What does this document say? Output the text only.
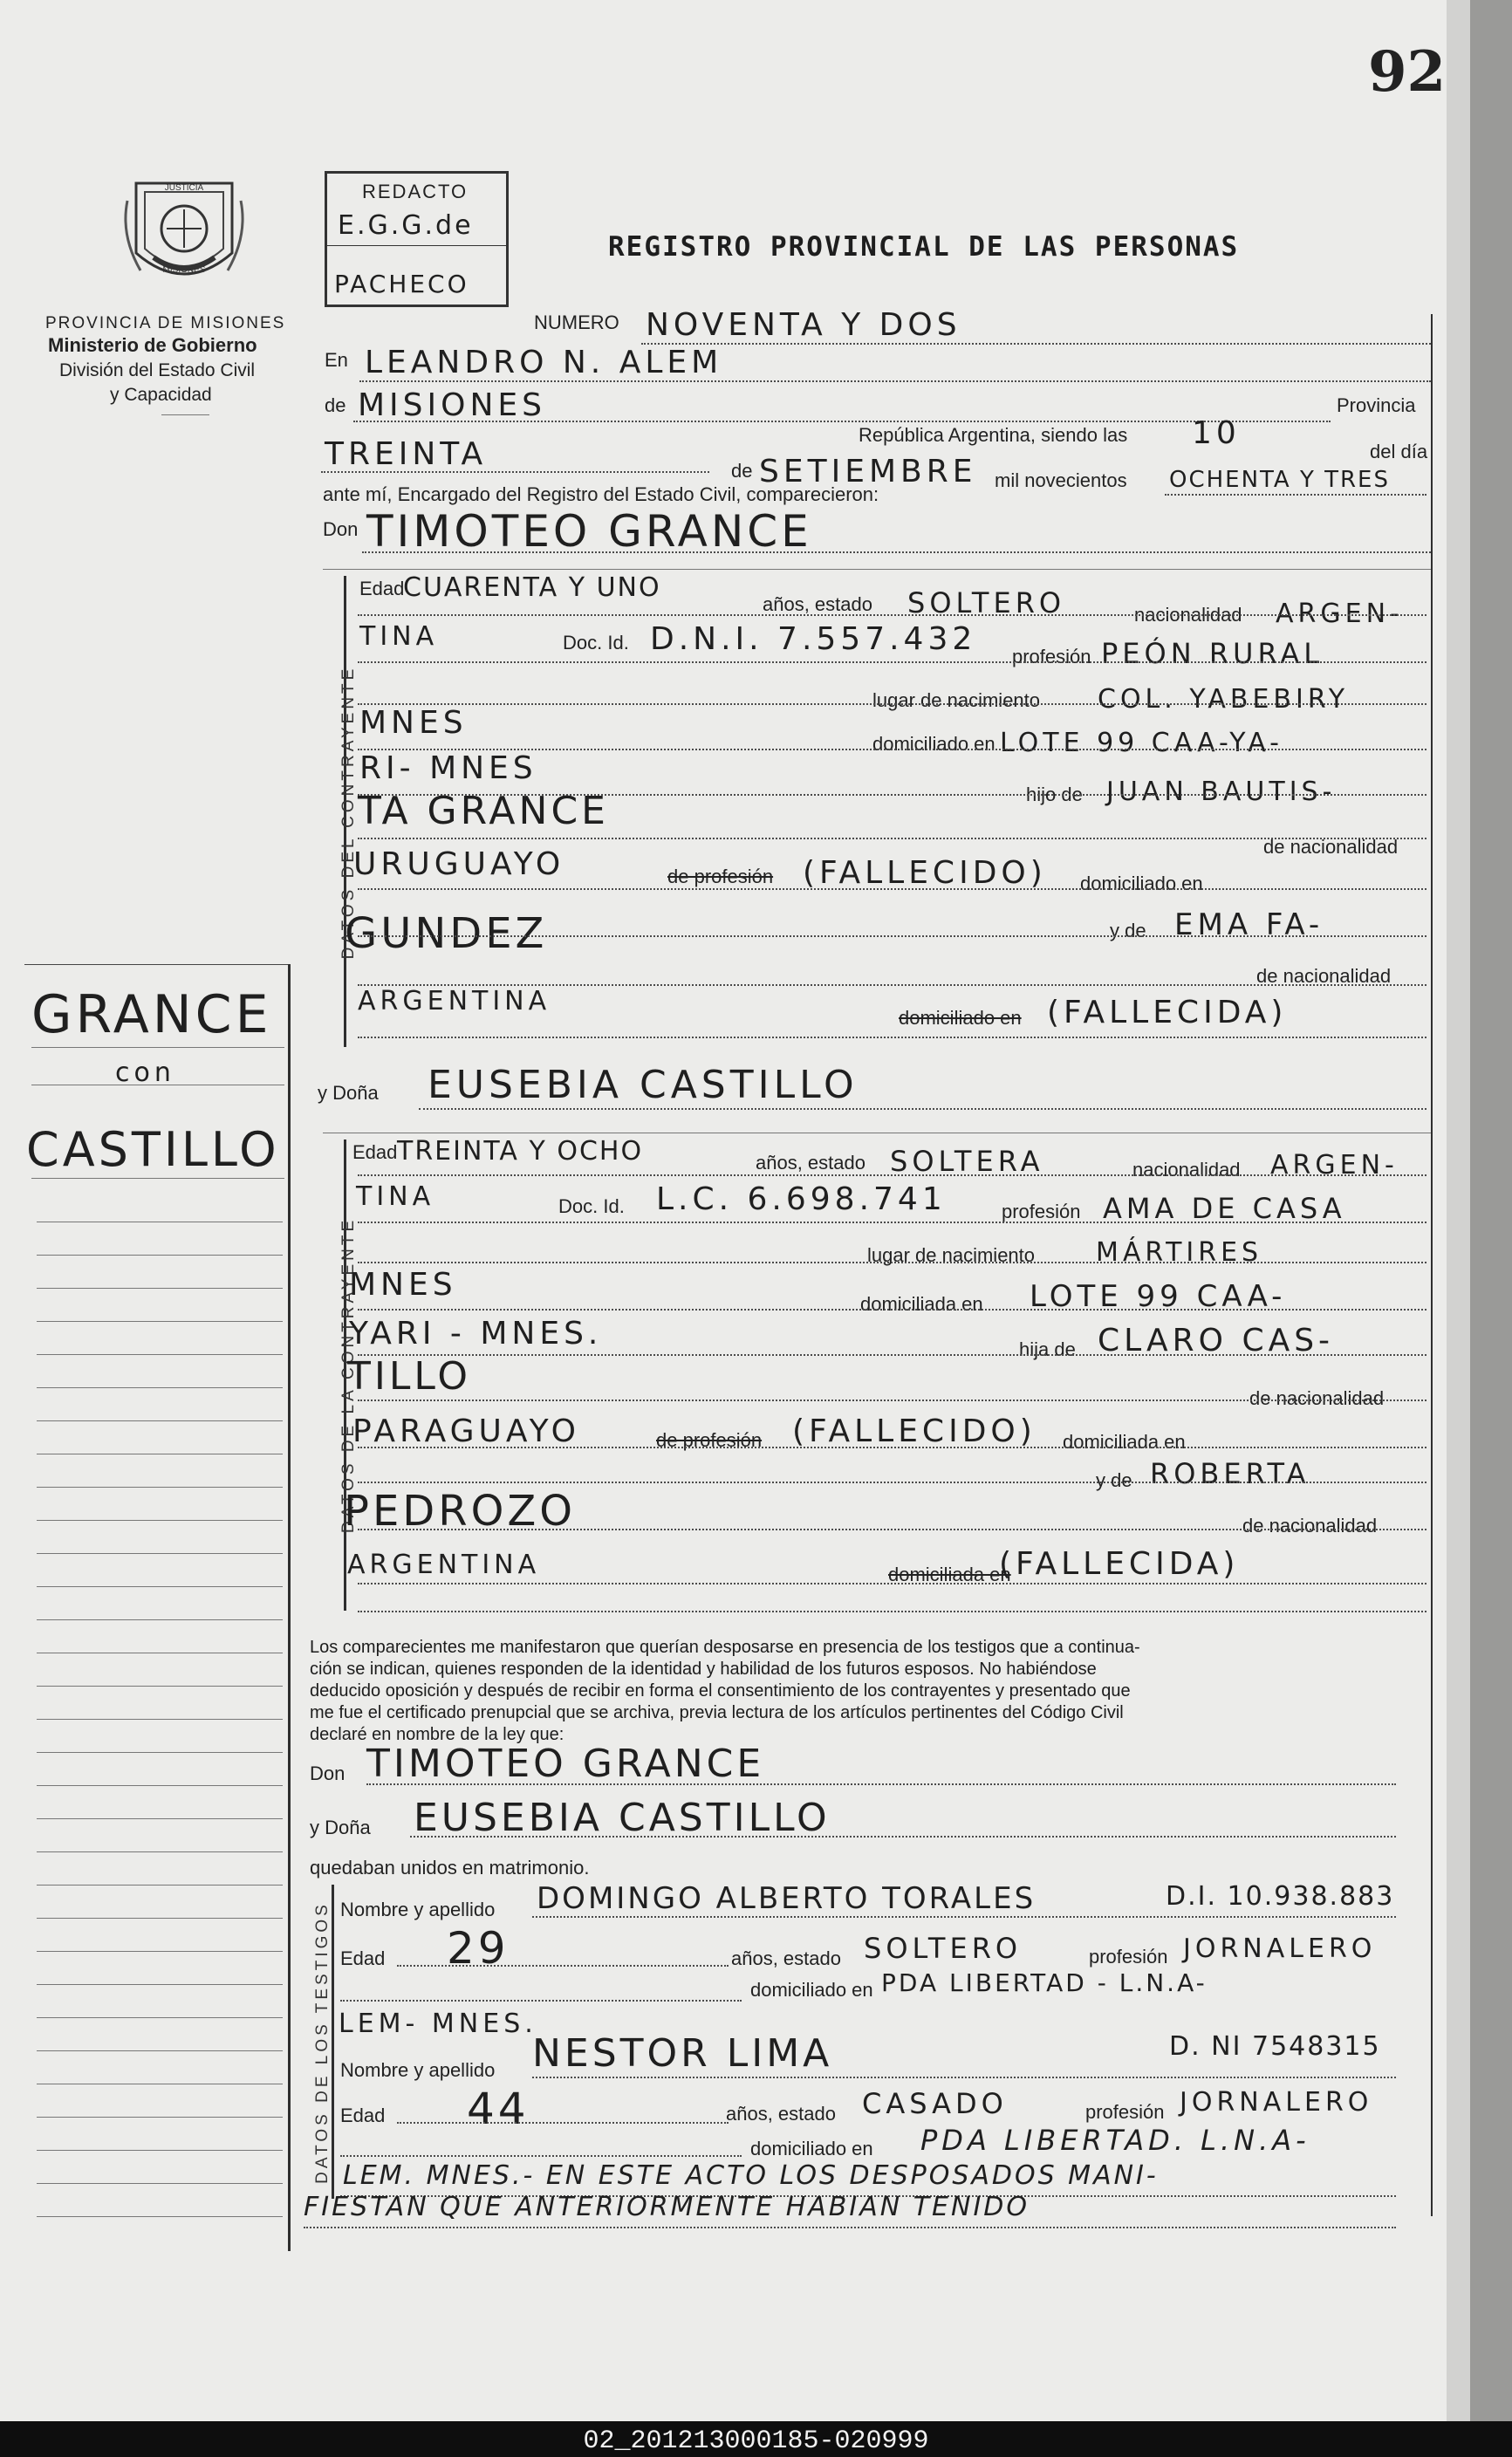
92
JUSTICIA
MISIONES
PROVINCIA DE MISIONES
Ministerio de Gobierno
División del Estado Civil
y Capacidad
REDACTO
E.G.G.de
PACHECO
REGISTRO PROVINCIAL DE LAS PERSONAS
GRANCE
con
CASTILLO
NUMERO NOVENTA Y DOS
En LEANDRO N. ALEM
de MISIONES	Provincia
República Argentina, siendo las 10
del día
TREINTA	de SETIEMBRE mil novecientos OCHENTA Y TRES
ante mí, Encargado del Registro del Estado Civil, comparecieron:
Don TIMOTEO GRANCE
DATOS DEL CONTRAYENTE
Edad
CUARENTA Y UNO
años, estado SOLTERO	nacionalidad ARGEN-
TINA	Doc. Id. D.N.I. 7.557.432 profesión PEÓN RURAL
lugar de nacimiento COL. YABEBIRY
MNES
domiciliado en LOTE 99 CAA-YA-
RI- MNES
hijo de JUAN BAUTIS-
TA GRANCE
de nacionalidad
URUGUAYO	de profesión (FALLECIDO) domiciliado en
y de EMA FA-
GUNDEZ
de nacionalidad
ARGENTINA
domiciliado en (FALLECIDA)
y Doña EUSEBIA CASTILLO
DATOS DE LA CONTRAYENTE
Edad TREINTA Y OCHO	años, estado SOLTERA	nacionalidad ARGEN-
TINA	Doc. Id. L.C. 6.698.741	profesión AMA DE CASA
lugar de nacimiento MÁRTIRES
MNES
domiciliada en LOTE 99 CAA-
YARI - MNES.	hija de CLARO CAS-
TILLO	de nacionalidad
PARAGUAYO	de profesión (FALLECIDO) domiciliada en
y de ROBERTA
PEDROZO	de nacionalidad
ARGENTINA	domiciliada en
(FALLECIDA)
Los comparecientes me manifestaron que querían desposarse en presencia de los testigos que a continua-
ción se indican, quienes responden de la identidad y habilidad de los futuros esposos. No habiéndose
deducido oposición y después de recibir en forma el consentimiento de los contrayentes y presentado que
me fue el certificado prenupcial que se archiva, previa lectura de los artículos pertinentes del Código Civil
declaré en nombre de la ley que:
Don TIMOTEO GRANCE
y Doña EUSEBIA CASTILLO
quedaban unidos en matrimonio.
DATOS DE LOS TESTIGOS Nombre y apellido DOMINGO ALBERTO TORALES	D.I. 10.938.883
Edad 29	años, estado SOLTERO	profesión JORNALERO
domiciliado en PDA LIBERTAD - L.N.A-
LEM- MNES.
Nombre y apellido NESTOR LIMA	D. NI 7548315
Edad 44	años, estado CASADO	profesión JORNALERO
domiciliado en PDA LIBERTAD. L.N.A-
LEM. MNES.- EN ESTE ACTO LOS DESPOSADOS MANI-
FIESTAN QUE ANTERIORMENTE HABIAN TENIDO
02_201213000185-020999
